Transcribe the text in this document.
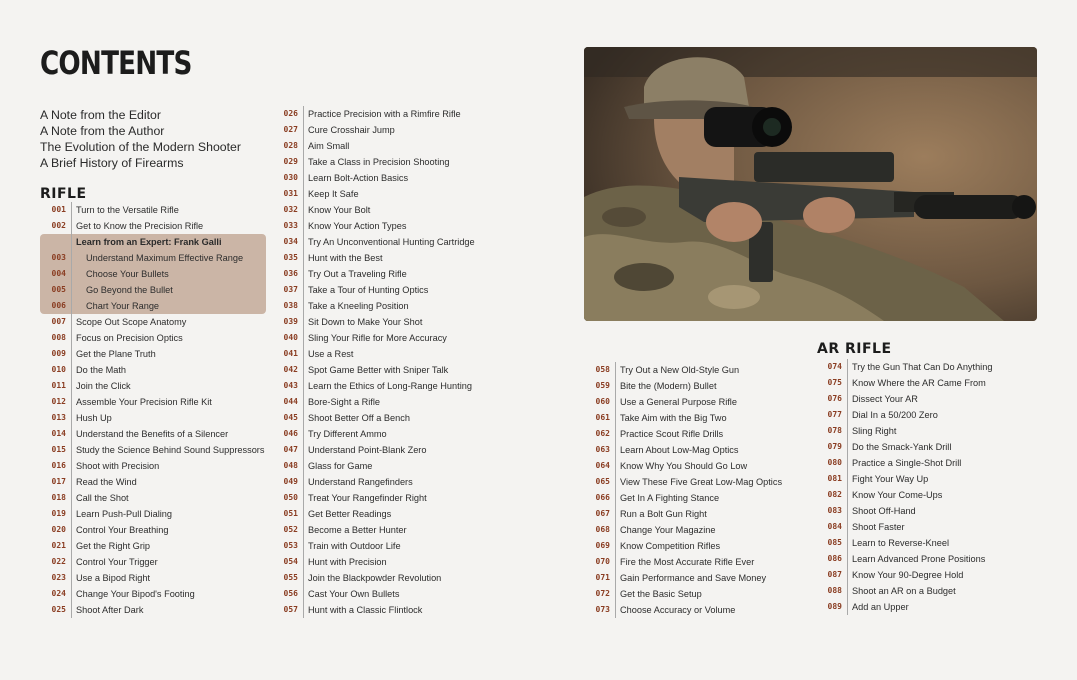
CONTENTS
A Note from the Editor
A Note from the Author
The Evolution of the Modern Shooter
A Brief History of Firearms
RIFLE
AR RIFLE
001 Turn to the Versatile Rifle
002 Get to Know the Precision Rifle
Learn from an Expert: Frank Galli
003	Understand Maximum Effective Range
004	Choose Your Bullets
005	Go Beyond the Bullet
006	Chart Your Range
007 Scope Out Scope Anatomy
008 Focus on Precision Optics
009 Get the Plane Truth
010 Do the Math
011 Join the Click
012 Assemble Your Precision Rifle Kit
013 Hush Up
014 Understand the Benefits of a Silencer
015 Study the Science Behind Sound Suppressors
016 Shoot with Precision
017 Read the Wind
018 Call the Shot
019 Learn Push-Pull Dialing
020 Control Your Breathing
021 Get the Right Grip
022 Control Your Trigger
023 Use a Bipod Right
024 Change Your Bipod's Footing
025 Shoot After Dark
026 Practice Precision with a Rimfire Rifle
027 Cure Crosshair Jump
028 Aim Small
029 Take a Class in Precision Shooting
030 Learn Bolt-Action Basics
031 Keep It Safe
032 Know Your Bolt
033 Know Your Action Types
034 Try An Unconventional Hunting Cartridge
035 Hunt with the Best
036 Try Out a Traveling Rifle
037 Take a Tour of Hunting Optics
038 Take a Kneeling Position
039 Sit Down to Make Your Shot
040 Sling Your Rifle for More Accuracy
041 Use a Rest
042 Spot Game Better with Sniper Talk
043 Learn the Ethics of Long-Range Hunting
044 Bore-Sight a Rifle
045 Shoot Better Off a Bench
046 Try Different Ammo
047 Understand Point-Blank Zero
048 Glass for Game
049 Understand Rangefinders
050 Treat Your Rangefinder Right
051 Get Better Readings
052 Become a Better Hunter
053 Train with Outdoor Life
054 Hunt with Precision
055 Join the Blackpowder Revolution
056 Cast Your Own Bullets
057 Hunt with a Classic Flintlock
058 Try Out a New Old-Style Gun
059 Bite the (Modern) Bullet
060 Use a General Purpose Rifle
061 Take Aim with the Big Two
062 Practice Scout Rifle Drills
063 Learn About Low-Mag Optics
064 Know Why You Should Go Low
065 View These Five Great Low-Mag Optics
066 Get In A Fighting Stance
067 Run a Bolt Gun Right
068 Change Your Magazine
069 Know Competition Rifles
070 Fire the Most Accurate Rifle Ever
071 Gain Performance and Save Money
072 Get the Basic Setup
073 Choose Accuracy or Volume
074 Try the Gun That Can Do Anything
075 Know Where the AR Came From
076 Dissect Your AR
077 Dial In a 50/200 Zero
078 Sling Right
079 Do the Smack-Yank Drill
080 Practice a Single-Shot Drill
081 Fight Your Way Up
082 Know Your Come-Ups
083 Shoot Off-Hand
084 Shoot Faster
085 Learn to Reverse-Kneel
086 Learn Advanced Prone Positions
087 Know Your 90-Degree Hold
088 Shoot an AR on a Budget
089 Add an Upper
